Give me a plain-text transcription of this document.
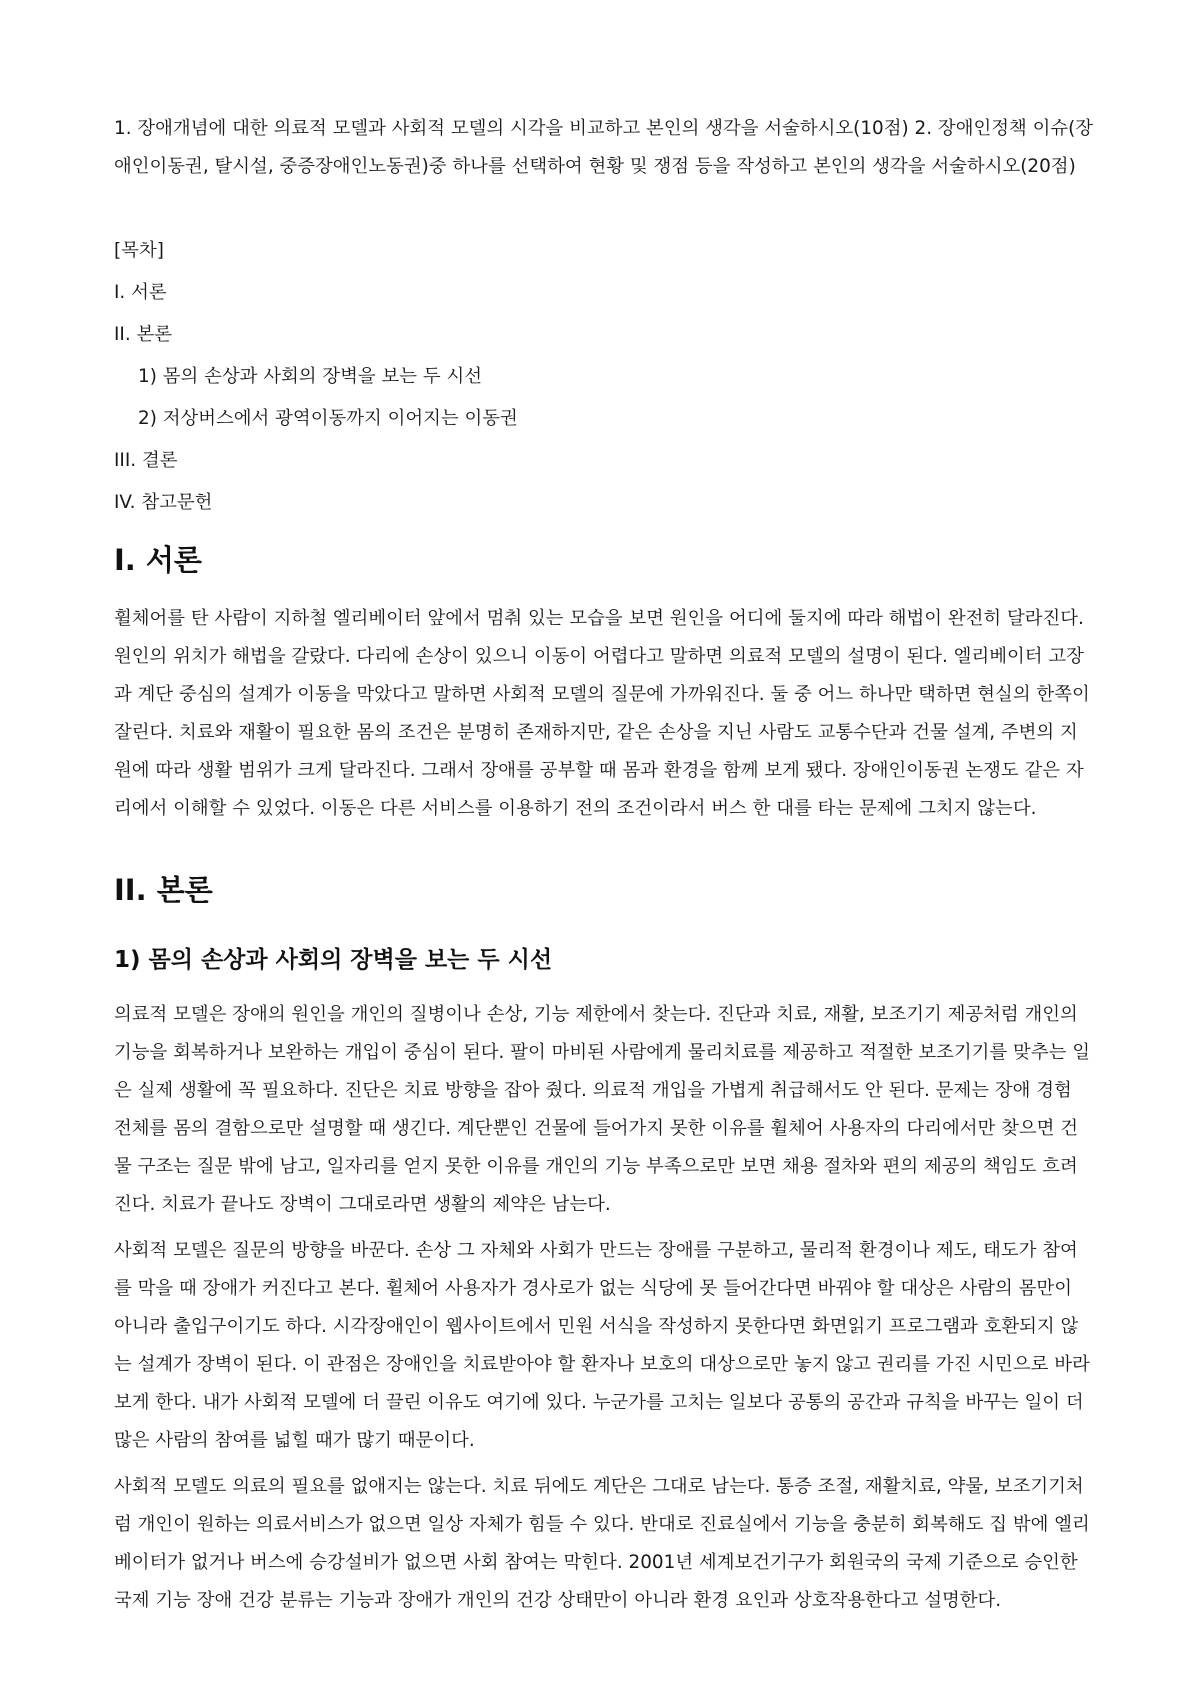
1. 장애개념에 대한 의료적 모델과 사회적 모델의 시각을 비교하고 본인의 생각을 서술하시오(10점) 2. 장애인정책 이슈(장애인이동권, 탈시설, 중증장애인노동권)중 하나를 선택하여 현황 및 쟁점 등을 작성하고 본인의 생각을 서술하시오(20점)

[목차]
I. 서론
II. 본론
1) 몸의 손상과 사회의 장벽을 보는 두 시선
2) 저상버스에서 광역이동까지 이어지는 이동권
III. 결론
IV. 참고문헌
I. 서론

휠체어를 탄 사람이 지하철 엘리베이터 앞에서 멈춰 있는 모습을 보면 원인을 어디에 둘지에 따라 해법이 완전히 달라진다. 원인의 위치가 해법을 갈랐다. 다리에 손상이 있으니 이동이 어렵다고 말하면 의료적 모델의 설명이 된다. 엘리베이터 고장과 계단 중심의 설계가 이동을 막았다고 말하면 사회적 모델의 질문에 가까워진다. 둘 중 어느 하나만 택하면 현실의 한쪽이 잘린다. 치료와 재활이 필요한 몸의 조건은 분명히 존재하지만, 같은 손상을 지닌 사람도 교통수단과 건물 설계, 주변의 지원에 따라 생활 범위가 크게 달라진다. 그래서 장애를 공부할 때 몸과 환경을 함께 보게 됐다. 장애인이동권 논쟁도 같은 자리에서 이해할 수 있었다. 이동은 다른 서비스를 이용하기 전의 조건이라서 버스 한 대를 타는 문제에 그치지 않는다.

II. 본론
1) 몸의 손상과 사회의 장벽을 보는 두 시선

의료적 모델은 장애의 원인을 개인의 질병이나 손상, 기능 제한에서 찾는다. 진단과 치료, 재활, 보조기기 제공처럼 개인의 기능을 회복하거나 보완하는 개입이 중심이 된다. 팔이 마비된 사람에게 물리치료를 제공하고 적절한 보조기기를 맞추는 일은 실제 생활에 꼭 필요하다. 진단은 치료 방향을 잡아 줬다. 의료적 개입을 가볍게 취급해서도 안 된다. 문제는 장애 경험 전체를 몸의 결함으로만 설명할 때 생긴다. 계단뿐인 건물에 들어가지 못한 이유를 휠체어 사용자의 다리에서만 찾으면 건물 구조는 질문 밖에 남고, 일자리를 얻지 못한 이유를 개인의 기능 부족으로만 보면 채용 절차와 편의 제공의 책임도 흐려진다. 치료가 끝나도 장벽이 그대로라면 생활의 제약은 남는다.

사회적 모델은 질문의 방향을 바꾼다. 손상 그 자체와 사회가 만드는 장애를 구분하고, 물리적 환경이나 제도, 태도가 참여를 막을 때 장애가 커진다고 본다. 휠체어 사용자가 경사로가 없는 식당에 못 들어간다면 바꿔야 할 대상은 사람의 몸만이 아니라 출입구이기도 하다. 시각장애인이 웹사이트에서 민원 서식을 작성하지 못한다면 화면읽기 프로그램과 호환되지 않는 설계가 장벽이 된다. 이 관점은 장애인을 치료받아야 할 환자나 보호의 대상으로만 놓지 않고 권리를 가진 시민으로 바라보게 한다. 내가 사회적 모델에 더 끌린 이유도 여기에 있다. 누군가를 고치는 일보다 공통의 공간과 규칙을 바꾸는 일이 더 많은 사람의 참여를 넓힐 때가 많기 때문이다.

사회적 모델도 의료의 필요를 없애지는 않는다. 치료 뒤에도 계단은 그대로 남는다. 통증 조절, 재활치료, 약물, 보조기기처럼 개인이 원하는 의료서비스가 없으면 일상 자체가 힘들 수 있다. 반대로 진료실에서 기능을 충분히 회복해도 집 밖에 엘리베이터가 없거나 버스에 승강설비가 없으면 사회 참여는 막힌다. 2001년 세계보건기구가 회원국의 국제 기준으로 승인한 국제 기능 장애 건강 분류는 기능과 장애가 개인의 건강 상태만이 아니라 환경 요인과 상호작용한다고 설명한다.
